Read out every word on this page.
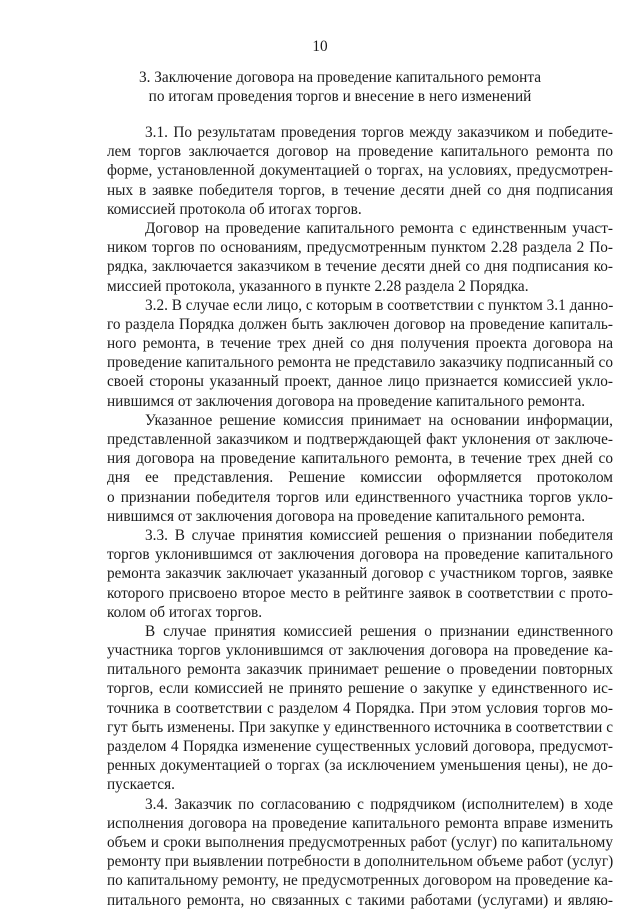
10
3. Заключение договора на проведение капитального ремонта
по итогам проведения торгов и внесение в него изменений
3.1. По результатам проведения торгов между заказчиком и победите-
лем торгов заключается договор на проведение капитального ремонта по
форме, установленной документацией о торгах, на условиях, предусмотрен-
ных в заявке победителя торгов, в течение десяти дней со дня подписания
комиссией протокола об итогах торгов.
Договор на проведение капитального ремонта с единственным участ-
ником торгов по основаниям, предусмотренным пунктом 2.28 раздела 2 По-
рядка, заключается заказчиком в течение десяти дней со дня подписания ко-
миссией протокола, указанного в пункте 2.28 раздела 2 Порядка.
3.2. В случае если лицо, с которым в соответствии с пунктом 3.1 данно-
го раздела Порядка должен быть заключен договор на проведение капиталь-
ного ремонта, в течение трех дней со дня получения проекта договора на
проведение капитального ремонта не представило заказчику подписанный со
своей стороны указанный проект, данное лицо признается комиссией укло-
нившимся от заключения договора на проведение капитального ремонта.
Указанное решение комиссия принимает на основании информации,
представленной заказчиком и подтверждающей факт уклонения от заключе-
ния договора на проведение капитального ремонта, в течение трех дней со
дня ее представления. Решение комиссии оформляется протоколом
о признании победителя торгов или единственного участника торгов укло-
нившимся от заключения договора на проведение капитального ремонта.
3.3. В случае принятия комиссией решения о признании победителя
торгов уклонившимся от заключения договора на проведение капитального
ремонта заказчик заключает указанный договор с участником торгов, заявке
которого присвоено второе место в рейтинге заявок в соответствии с прото-
колом об итогах торгов.
В случае принятия комиссией решения о признании единственного
участника торгов уклонившимся от заключения договора на проведение ка-
питального ремонта заказчик принимает решение о проведении повторных
торгов, если комиссией не принято решение о закупке у единственного ис-
точника в соответствии с разделом 4 Порядка. При этом условия торгов мо-
гут быть изменены. При закупке у единственного источника в соответствии с
разделом 4 Порядка изменение существенных условий договора, предусмот-
ренных документацией о торгах (за исключением уменьшения цены), не до-
пускается.
3.4. Заказчик по согласованию с подрядчиком (исполнителем) в ходе
исполнения договора на проведение капитального ремонта вправе изменить
объем и сроки выполнения предусмотренных работ (услуг) по капитальному
ремонту при выявлении потребности в дополнительном объеме работ (услуг)
по капитальному ремонту, не предусмотренных договором на проведение ка-
питального ремонта, но связанных с такими работами (услугами) и являю-
